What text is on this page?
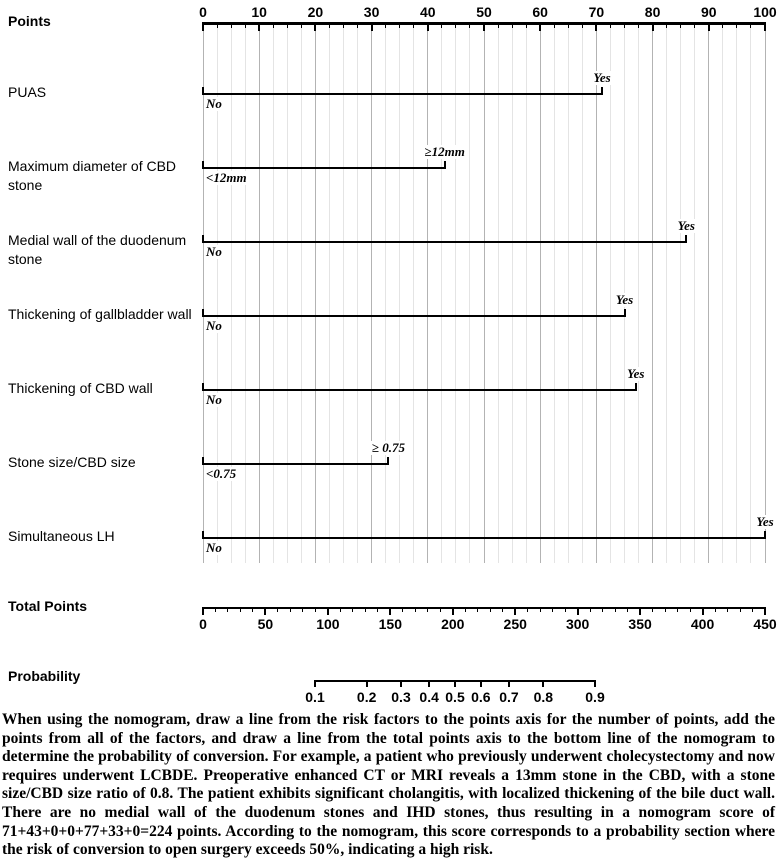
0	10	20	30	40	50	60	70	80	90	100
Points
PUAS
No
Yes
Maximum diameter of CBD stone	<12mm
≥12mm
Medial wall of the duodenum stone	No
Yes
Thickening of gallbladder wall
No
Yes
Thickening of CBD wall
No
Yes
Stone size/CBD size
<0.75
≥ 0.75
Simultaneous LH
No
Yes
Total Points
0	50	100	150	200	250	300	350	400	450
Probability
0.1 0.2 0.3 0.4 0.5 0.6 0.7 0.8 0.9

When using the nomogram, draw a line from the risk factors to the points axis for the number of points, add the points from all of the factors, and draw a line from the total points axis to the bottom line of the nomogram to determine the probability of conversion. For example, a patient who previously underwent cholecystectomy and now requires underwent LCBDE. Preoperative enhanced CT or MRI reveals a 13mm stone in the CBD, with a stone size/CBD size ratio of 0.8. The patient exhibits significant cholangitis, with localized thickening of the bile duct wall. There are no medial wall of the duodenum stones and IHD stones, thus resulting in a nomogram score of 71+43+0+0+77+33+0=224 points. According to the nomogram, this score corresponds to a probability section where the risk of conversion to open surgery exceeds 50%, indicating a high risk.
